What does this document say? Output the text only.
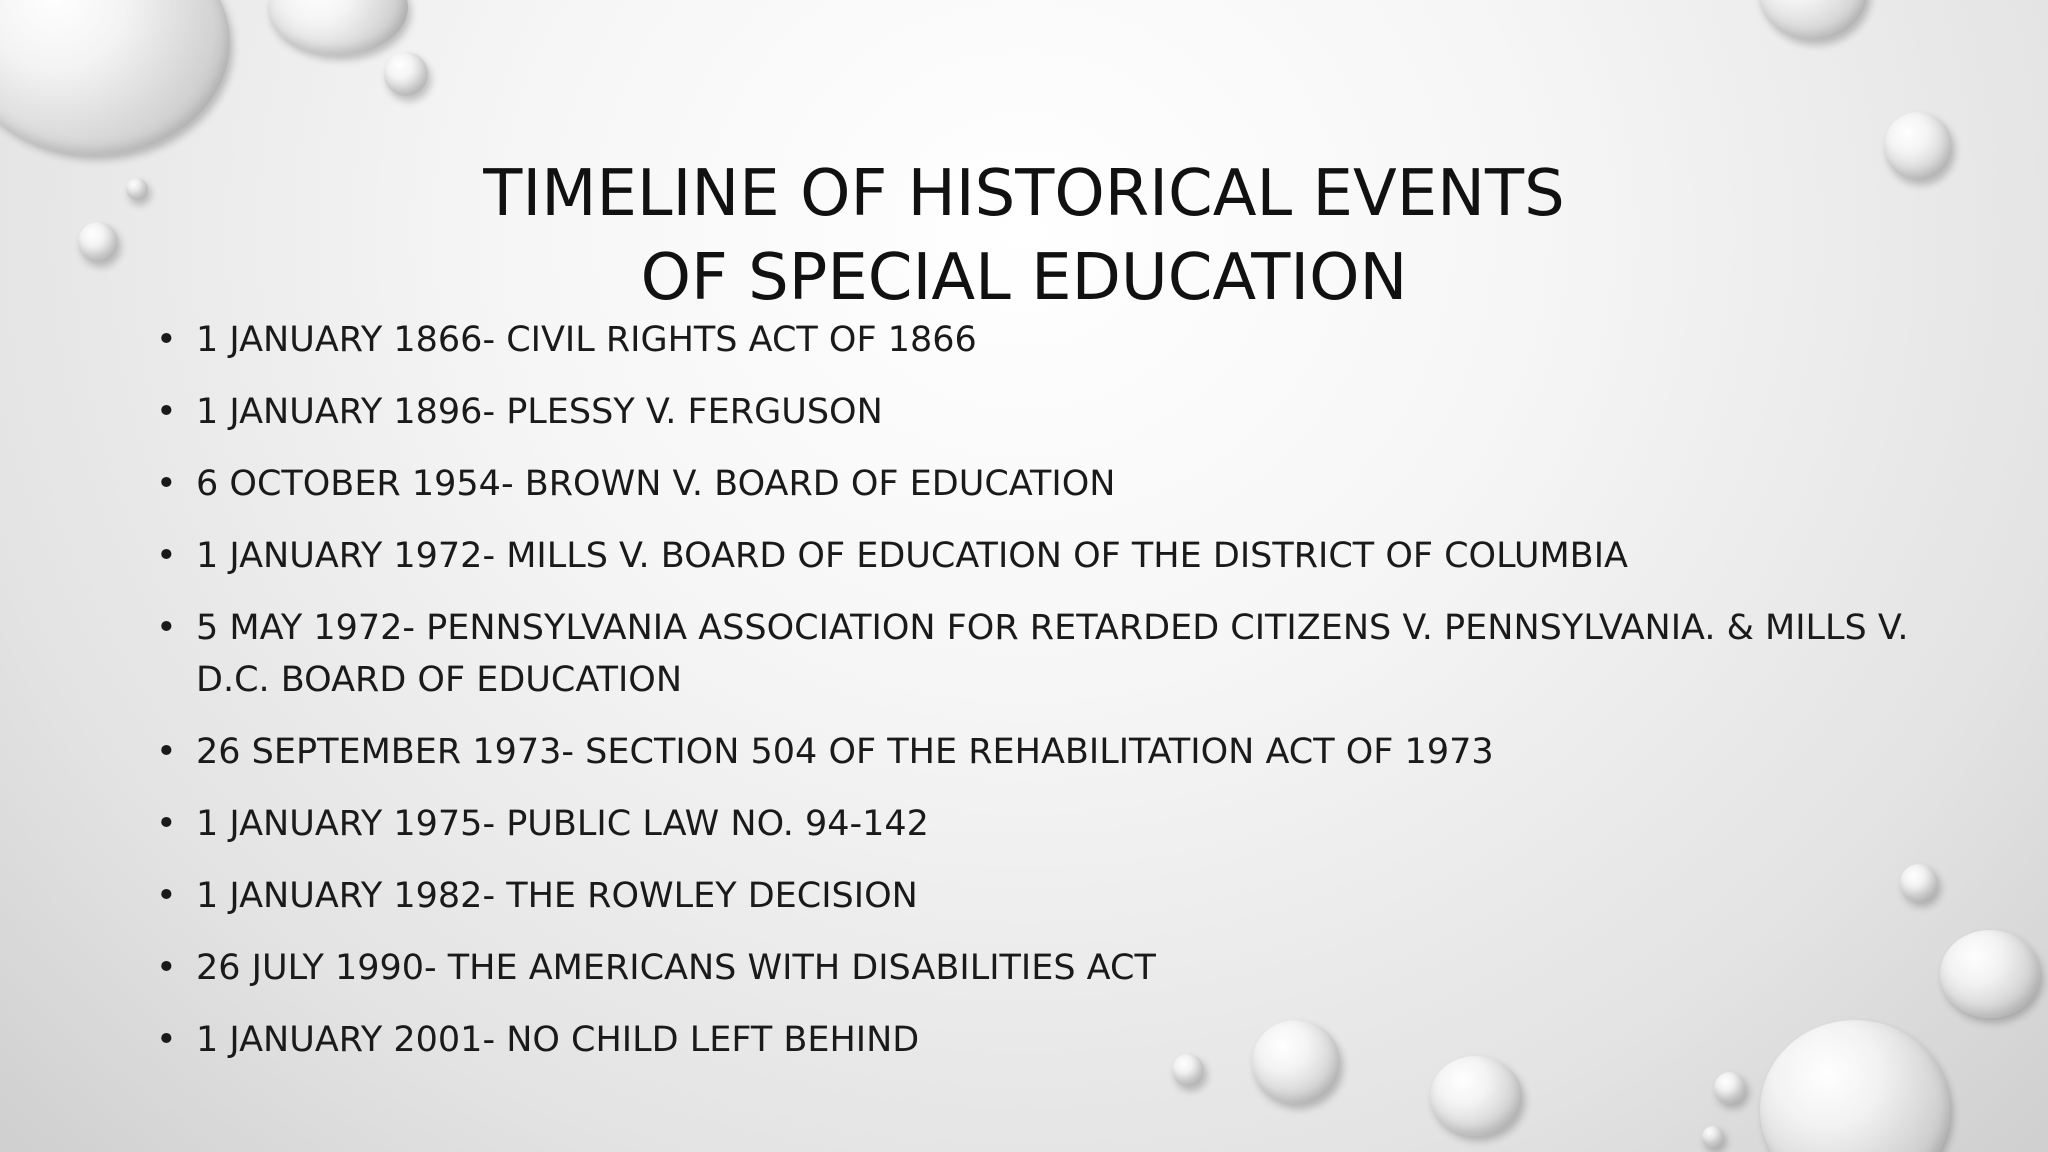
TIMELINE OF HISTORICAL EVENTS
OF SPECIAL EDUCATION
• 1 JANUARY 1866- CIVIL RIGHTS ACT OF 1866
• 1 JANUARY 1896- PLESSY V. FERGUSON
• 6 OCTOBER 1954- BROWN V. BOARD OF EDUCATION
• 1 JANUARY 1972- MILLS V. BOARD OF EDUCATION OF THE DISTRICT OF COLUMBIA
• 5 MAY 1972- PENNSYLVANIA ASSOCIATION FOR RETARDED CITIZENS V. PENNSYLVANIA. & MILLS V. D.C. BOARD OF EDUCATION
• 26 SEPTEMBER 1973- SECTION 504 OF THE REHABILITATION ACT OF 1973
• 1 JANUARY 1975- PUBLIC LAW NO. 94-142
• 1 JANUARY 1982- THE ROWLEY DECISION
• 26 JULY 1990- THE AMERICANS WITH DISABILITIES ACT
• 1 JANUARY 2001- NO CHILD LEFT BEHIND
